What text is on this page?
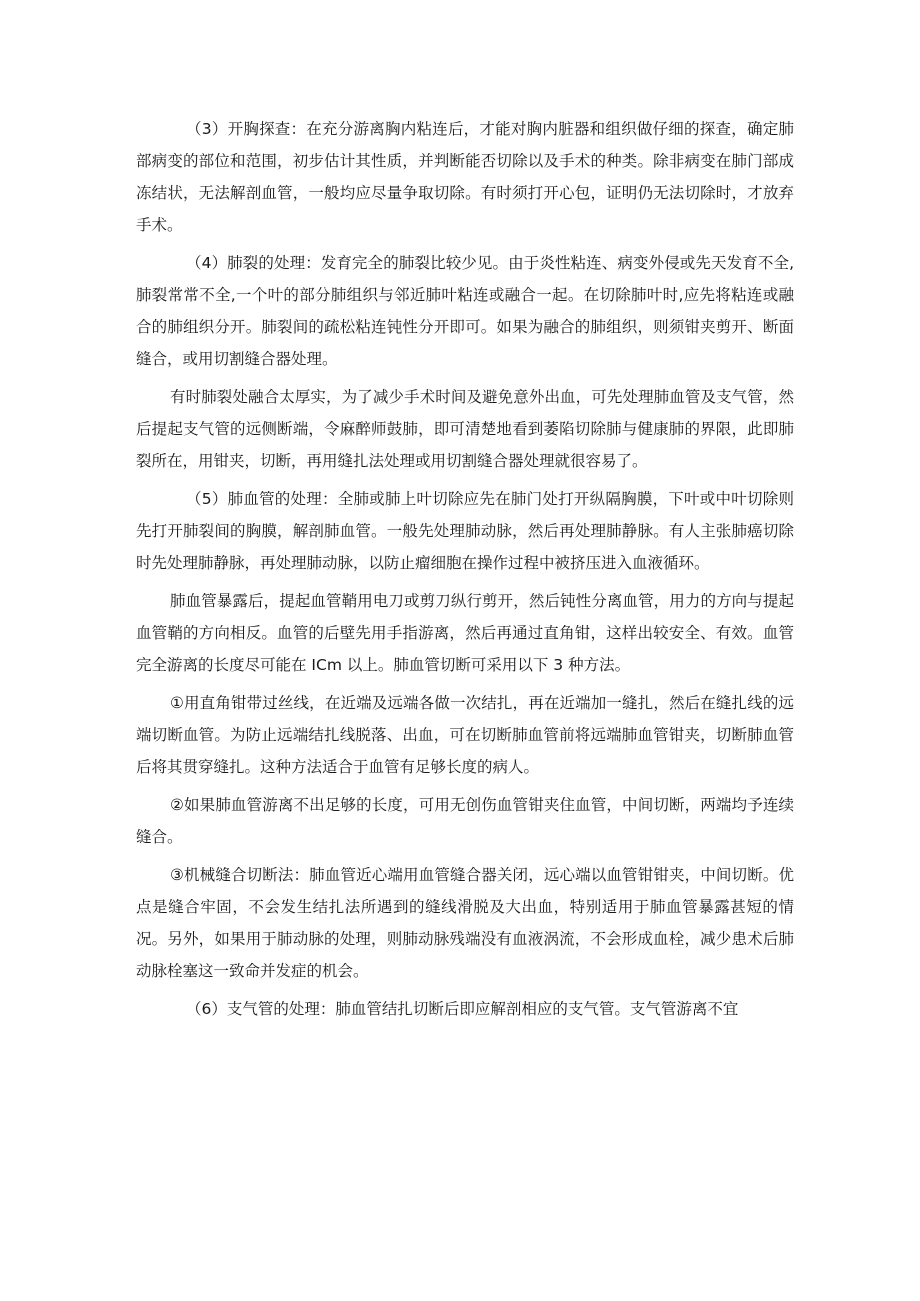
（3）开胸探查：在充分游离胸内粘连后，才能对胸内脏器和组织做仔细的探查，确定肺部病变的部位和范围，初步估计其性质，并判断能否切除以及手术的种类。除非病变在肺门部成冻结状，无法解剖血管，一般均应尽量争取切除。有时须打开心包，证明仍无法切除时，才放弃手术。

（4）肺裂的处理：发育完全的肺裂比较少见。由于炎性粘连、病变外侵或先天发育不全,肺裂常常不全,一个叶的部分肺组织与邻近肺叶粘连或融合一起。在切除肺叶时,应先将粘连或融合的肺组织分开。肺裂间的疏松粘连钝性分开即可。如果为融合的肺组织，则须钳夹剪开、断面缝合，或用切割缝合器处理。

有时肺裂处融合太厚实，为了减少手术时间及避免意外出血，可先处理肺血管及支气管，然后提起支气管的远侧断端，令麻醉师鼓肺，即可清楚地看到萎陷切除肺与健康肺的界限，此即肺裂所在，用钳夹，切断，再用缝扎法处理或用切割缝合器处理就很容易了。

（5）肺血管的处理：全肺或肺上叶切除应先在肺门处打开纵隔胸膜，下叶或中叶切除则先打开肺裂间的胸膜，解剖肺血管。一般先处理肺动脉，然后再处理肺静脉。有人主张肺癌切除时先处理肺静脉，再处理肺动脉，以防止瘤细胞在操作过程中被挤压进入血液循环。

肺血管暴露后，提起血管鞘用电刀或剪刀纵行剪开，然后钝性分离血管，用力的方向与提起血管鞘的方向相反。血管的后壁先用手指游离，然后再通过直角钳，这样出较安全、有效。血管完全游离的长度尽可能在 ICm 以上。肺血管切断可采用以下 3 种方法。

①用直角钳带过丝线，在近端及远端各做一次结扎，再在近端加一缝扎，然后在缝扎线的远端切断血管。为防止远端结扎线脱落、出血，可在切断肺血管前将远端肺血管钳夹，切断肺血管后将其贯穿缝扎。这种方法适合于血管有足够长度的病人。

②如果肺血管游离不出足够的长度，可用无创伤血管钳夹住血管，中间切断，两端均予连续缝合。

③机械缝合切断法：肺血管近心端用血管缝合器关闭，远心端以血管钳钳夹，中间切断。优点是缝合牢固，不会发生结扎法所遇到的缝线滑脱及大出血，特别适用于肺血管暴露甚短的情况。另外，如果用于肺动脉的处理，则肺动脉残端没有血液涡流，不会形成血栓，减少患术后肺动脉栓塞这一致命并发症的机会。

（6）支气管的处理：肺血管结扎切断后即应解剖相应的支气管。支气管游离不宜
